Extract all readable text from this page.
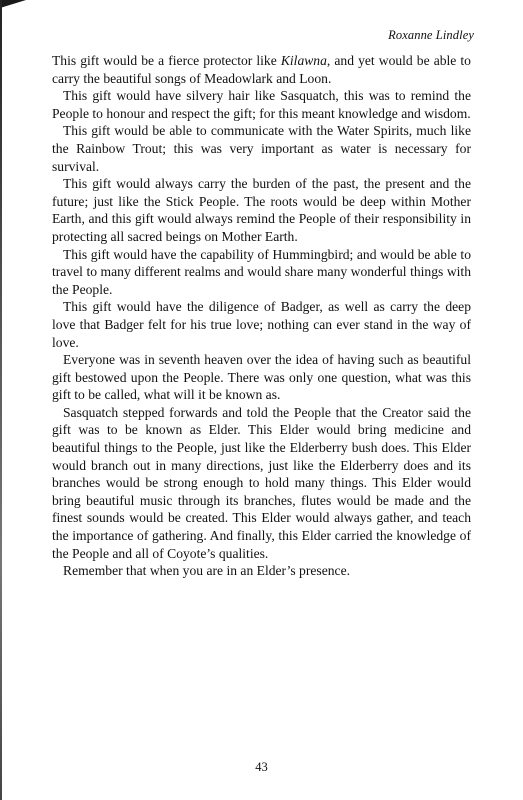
Roxanne Lindley

This gift would be a fierce protector like Kilawna, and yet would be able to carry the beautiful songs of Meadowlark and Loon.

This gift would have silvery hair like Sasquatch, this was to remind the People to honour and respect the gift; for this meant knowledge and wisdom.

This gift would be able to communicate with the Water Spirits, much like the Rainbow Trout; this was very important as water is necessary for survival.

This gift would always carry the burden of the past, the present and the future; just like the Stick People. The roots would be deep within Mother Earth, and this gift would always remind the People of their responsibility in protecting all sacred beings on Mother Earth.

This gift would have the capability of Hummingbird; and would be able to travel to many different realms and would share many wonderful things with the People.

This gift would have the diligence of Badger, as well as carry the deep love that Badger felt for his true love; nothing can ever stand in the way of love.

Everyone was in seventh heaven over the idea of having such as beautiful gift bestowed upon the People. There was only one question, what was this gift to be called, what will it be known as.

Sasquatch stepped forwards and told the People that the Creator said the gift was to be known as Elder. This Elder would bring medicine and beautiful things to the People, just like the Elderberry bush does. This Elder would branch out in many directions, just like the Elderberry does and its branches would be strong enough to hold many things. This Elder would bring beautiful music through its branches, flutes would be made and the finest sounds would be created. This Elder would always gather, and teach the importance of gathering. And finally, this Elder carried the knowledge of the People and all of Coyote’s qualities.

Remember that when you are in an Elder’s presence.

43
